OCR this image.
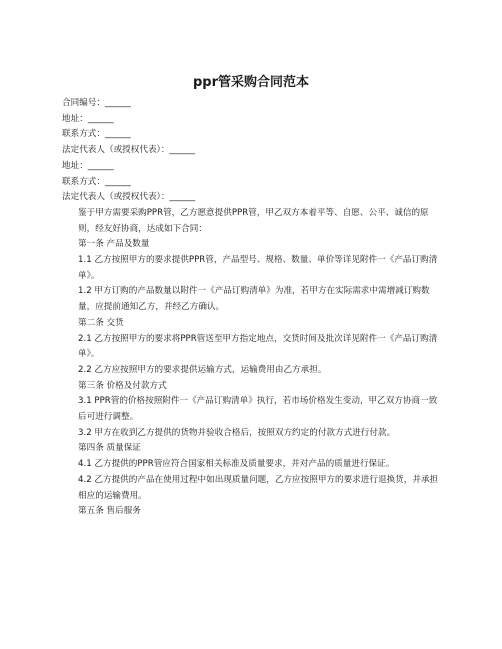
ppr管采购合同范本

合同编号：______

地址：______

联系方式：______

法定代表人（或授权代表）：______

地址：______

联系方式：______

法定代表人（或授权代表）：______

鉴于甲方需要采购PPR管，乙方愿意提供PPR管，甲乙双方本着平等、自愿、公平、诚信的原则，经友好协商，达成如下合同：

第一条 产品及数量

1.1 乙方按照甲方的要求提供PPR管，产品型号、规格、数量、单价等详见附件一《产品订购清单》。

1.2 甲方订购的产品数量以附件一《产品订购清单》为准，若甲方在实际需求中需增减订购数量，应提前通知乙方，并经乙方确认。

第二条 交货

2.1 乙方按照甲方的要求将PPR管送至甲方指定地点，交货时间及批次详见附件一《产品订购清单》。

2.2 乙方应按照甲方的要求提供运输方式，运输费用由乙方承担。

第三条 价格及付款方式

3.1 PPR管的价格按照附件一《产品订购清单》执行，若市场价格发生变动，甲乙双方协商一致后可进行调整。

3.2 甲方在收到乙方提供的货物并验收合格后，按照双方约定的付款方式进行付款。

第四条 质量保证

4.1 乙方提供的PPR管应符合国家相关标准及质量要求，并对产品的质量进行保证。

4.2 乙方提供的产品在使用过程中如出现质量问题，乙方应按照甲方的要求进行退换货，并承担相应的运输费用。

第五条 售后服务
